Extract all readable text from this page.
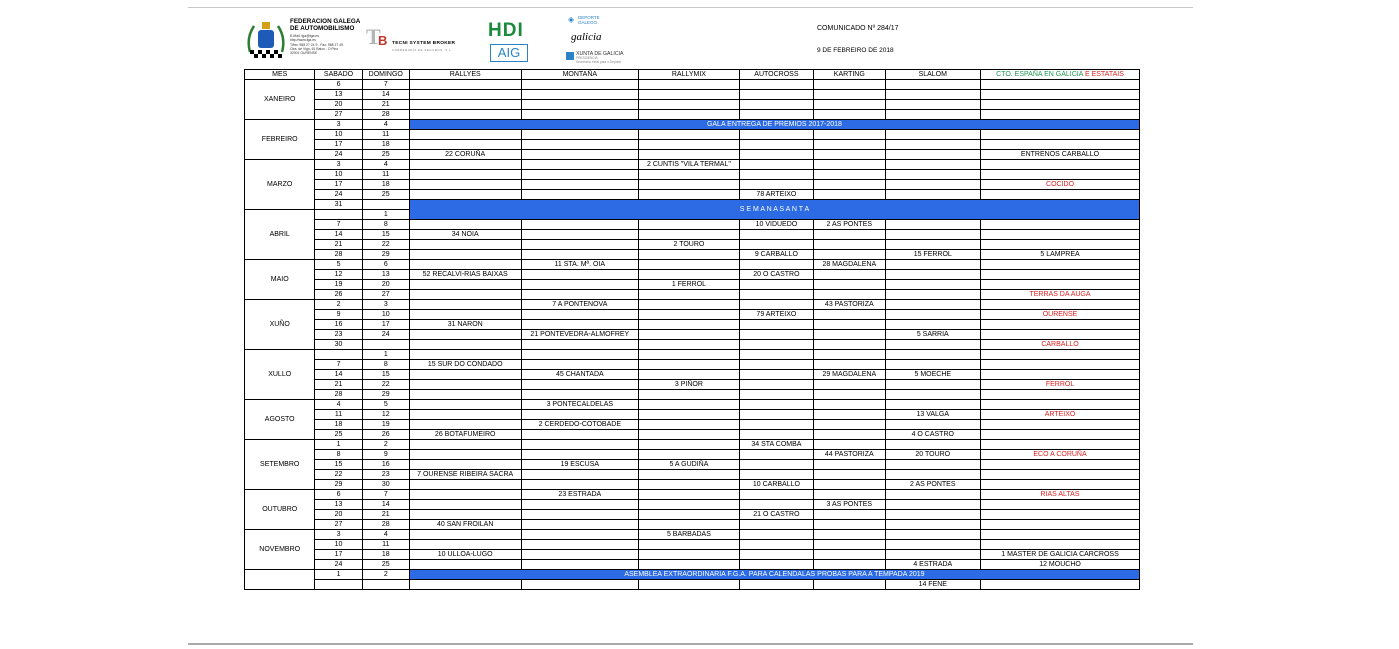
FEDERACION GALEGA
DE AUTOMOBILISMO
E-Mail: fga@fga.es
http://www.fga.es
Tlfno: 988 27 24 9 - Fax: 988 27 49
Ctra. de Vigo, 61 Baixo - O Pino
32001 OURENSE
T
B TECNI SYSTEM BROKER
CORREDURÍA DE SEGUROS, S.L.
HDI
AIG
◈ DEPORTE
GALEGO
galicia
XUNTA DE GALICIA
PRESIDENCIA
Secretaría Xeral para o Deporte
COMUNICADO Nº 284/17
9 DE FEBREIRO DE 2018
MES	SABADO	DOMINGO	RALLYES	MONTAÑA	RALLYMIX	AUTOCROSS	KARTING	SLALOM	CTO. ESPAÑA EN GALICIA E ESTATAIS
XANEIRO	6	7							
	13	14							
	20	21							
	27	28							
FEBREIRO	3	4	GALA ENTREGA DE PREMIOS 2017-2018						
	10	11							
	17	18							
	24	25	22 CORUÑA						ENTRENOS CARBALLO
MARZO	3	4			2 CUNTIS "VILA TERMAL"				
	10	11							
	17	18							COCIDO
	24	25				78 ARTEIXO			
	31		S E M A N A S A N T A						
ABRIL		1							
	7	8				10 VIDUEDO	2 AS PONTES		
	14	15	34 NOIA						
	21	22			2 TOURO				
	28	29				9 CARBALLO		15 FERROL	5 LAMPREA
MAIO	5	6		11 STA. Mª. OIA			28 MAGDALENA		
	12	13	52 RECALVI-RIAS BAIXAS			20 O CASTRO			
	19	20			1 FERROL				
	26	27							TERRAS DA AUGA
XUÑO	2	3		7 A PONTENOVA			43 PASTORIZA		
	9	10				79 ARTEIXO			OURENSE
	16	17	31 NARON						
	23	24		21 PONTEVEDRA-ALMOFREY				5 SARRIA	
	30								CARBALLO
XULLO		1							
	7	8	15 SUR DO CONDADO						
	14	15		45 CHANTADA			29 MAGDALENA	5 MOECHE	
	21	22			3 PIÑOR				FERROL
	28	29							
AGOSTO	4	5		3 PONTECALDELAS					
	11	12						13 VALGA	ARTEIXO
	18	19		2 CERDEDO-COTOBADE					
	25	26	26 BOTAFUMEIRO					4 O CASTRO	
SETEMBRO	1	2				34 STA COMBA			
	8	9					44 PASTORIZA	20 TOURO	ECO A CORUÑA
	15	16		19 ESCUSA	5 A GUDIÑA				
	22	23	7 OURENSE RIBEIRA SACRA						
	29	30				10 CARBALLO		2 AS PONTES	
OUTUBRO	6	7		23 ESTRADA					RIAS ALTAS
	13	14					3 AS PONTES		
	20	21				21 O CASTRO			
	27	28	40 SAN FROILAN						
NOVEMBRO	3	4			5 BARBADAS				
	10	11							
	17	18	10 ULLOA-LUGO						1 MASTER DE GALICIA CARCROSS
	24	25						4 ESTRADA	12 MOUCHO
	1	2	ASEMBLEA EXTRAORDINARIA F.G.A. PARA CALENDALAS PROBAS PARA A TEMPADA 2019						
								14 FENE	
